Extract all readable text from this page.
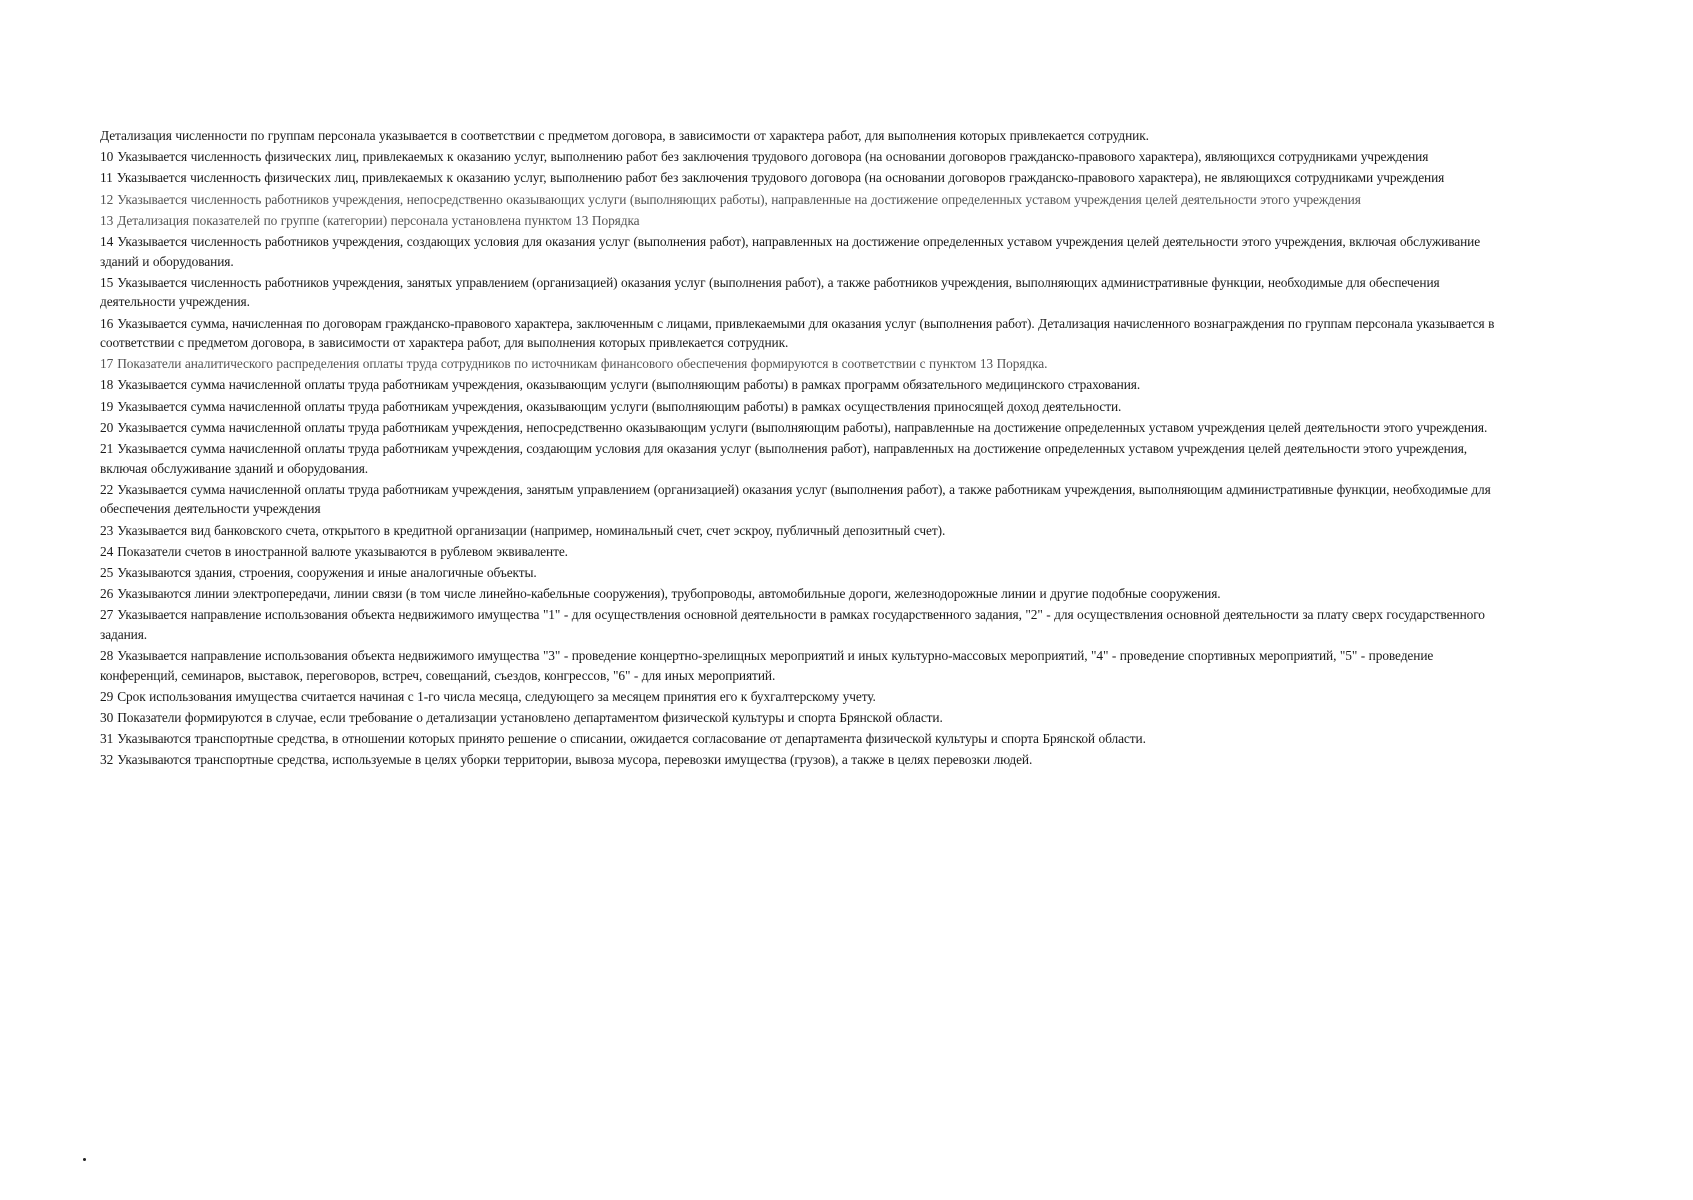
Детализация численности по группам персонала указывается в соответствии с предметом договора, в зависимости от характера работ, для выполнения которых привлекается сотрудник.

10 Указывается численность физических лиц, привлекаемых к оказанию услуг, выполнению работ без заключения трудового договора (на основании договоров гражданско-правового характера), являющихся сотрудниками учреждения

11 Указывается численность физических лиц, привлекаемых к оказанию услуг, выполнению работ без заключения трудового договора (на основании договоров гражданско-правового характера), не являющихся сотрудниками учреждения

12 Указывается численность работников учреждения, непосредственно оказывающих услуги (выполняющих работы), направленные на достижение определенных уставом учреждения целей деятельности этого учреждения

13 Детализация показателей по группе (категории) персонала установлена пунктом 13 Порядка

14 Указывается численность работников учреждения, создающих условия для оказания услуг (выполнения работ), направленных на достижение определенных уставом учреждения целей деятельности этого учреждения, включая обслуживание зданий и оборудования.

15 Указывается численность работников учреждения, занятых управлением (организацией) оказания услуг (выполнения работ), а также работников учреждения, выполняющих административные функции, необходимые для обеспечения деятельности учреждения.

16 Указывается сумма, начисленная по договорам гражданско-правового характера, заключенным с лицами, привлекаемыми для оказания услуг (выполнения работ). Детализация начисленного вознаграждения по группам персонала указывается в соответствии с предметом договора, в зависимости от характера работ, для выполнения которых привлекается сотрудник.

17 Показатели аналитического распределения оплаты труда сотрудников по источникам финансового обеспечения формируются в соответствии с пунктом 13 Порядка.

18 Указывается сумма начисленной оплаты труда работникам учреждения, оказывающим услуги (выполняющим работы) в рамках программ обязательного медицинского страхования.

19 Указывается сумма начисленной оплаты труда работникам учреждения, оказывающим услуги (выполняющим работы) в рамках осуществления приносящей доход деятельности.

20 Указывается сумма начисленной оплаты труда работникам учреждения, непосредственно оказывающим услуги (выполняющим работы), направленные на достижение определенных уставом учреждения целей деятельности этого учреждения.

21 Указывается сумма начисленной оплаты труда работникам учреждения, создающим условия для оказания услуг (выполнения работ), направленных на достижение определенных уставом учреждения целей деятельности этого учреждения, включая обслуживание зданий и оборудования.

22 Указывается сумма начисленной оплаты труда работникам учреждения, занятым управлением (организацией) оказания услуг (выполнения работ), а также работникам учреждения, выполняющим административные функции, необходимые для обеспечения деятельности учреждения

23 Указывается вид банковского счета, открытого в кредитной организации (например, номинальный счет, счет эскроу, публичный депозитный счет).

24 Показатели счетов в иностранной валюте указываются в рублевом эквиваленте.

25 Указываются здания, строения, сооружения и иные аналогичные объекты.

26 Указываются линии электропередачи, линии связи (в том числе линейно-кабельные сооружения), трубопроводы, автомобильные дороги, железнодорожные линии и другие подобные сооружения.

27 Указывается направление использования объекта недвижимого имущества "1" - для осуществления основной деятельности в рамках государственного задания, "2" - для осуществления основной деятельности за плату сверх государственного задания.

28 Указывается направление использования объекта недвижимого имущества "3" - проведение концертно-зрелищных мероприятий и иных культурно-массовых мероприятий, "4" - проведение спортивных мероприятий, "5" - проведение конференций, семинаров, выставок, переговоров, встреч, совещаний, съездов, конгрессов, "6" - для иных мероприятий.

29 Срок использования имущества считается начиная с 1-го числа месяца, следующего за месяцем принятия его к бухгалтерскому учету.

30 Показатели формируются в случае, если требование о детализации установлено департаментом физической культуры и спорта Брянской области.

31 Указываются транспортные средства, в отношении которых принято решение о списании, ожидается согласование от департамента физической культуры и спорта Брянской области.

32 Указываются транспортные средства, используемые в целях уборки территории, вывоза мусора, перевозки имущества (грузов), а также в целях перевозки людей.
